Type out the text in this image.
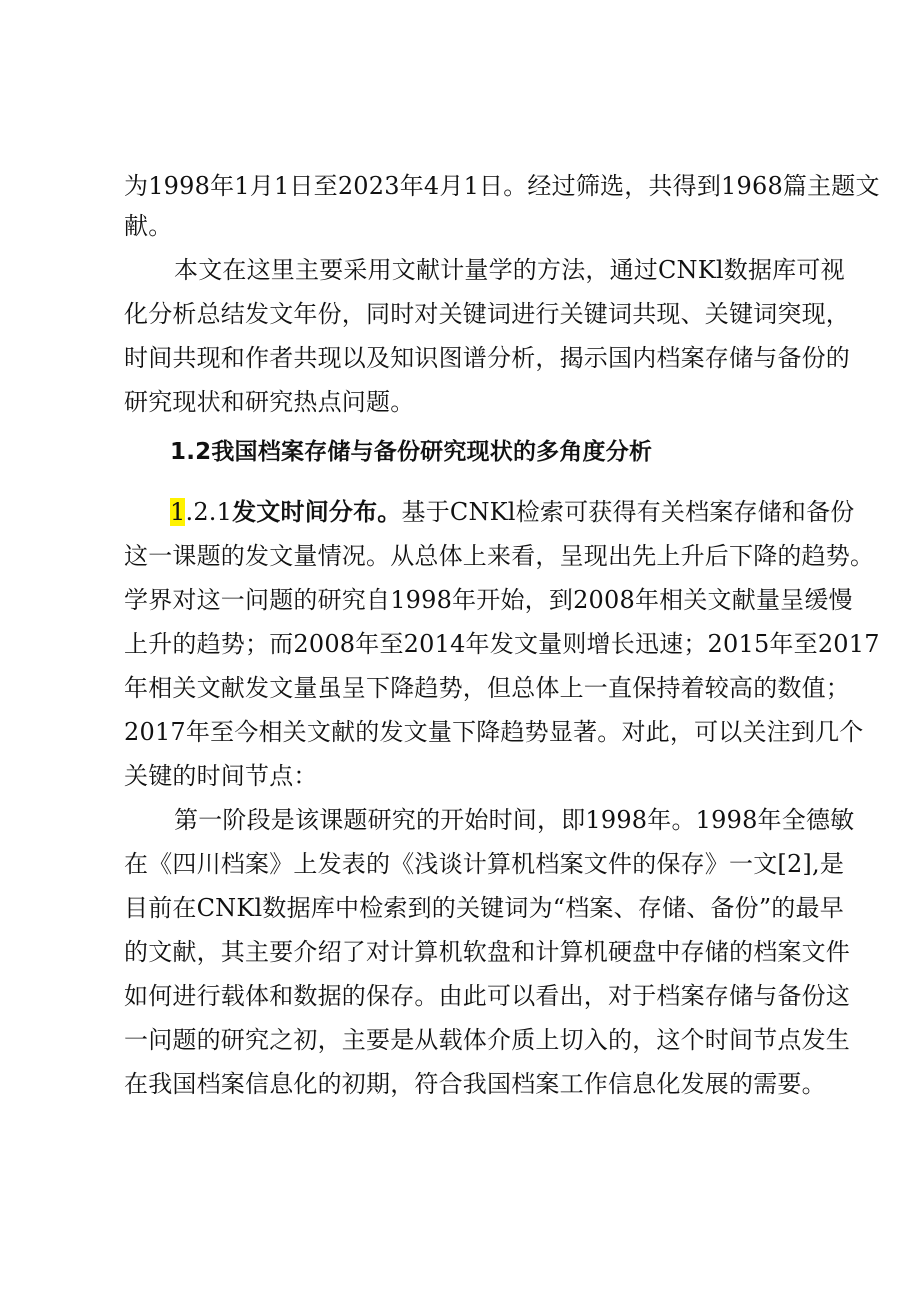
为1998年1月1日至2023年4月1日。经过筛选，共得到1968篇主题文
献。
本文在这里主要采用文献计量学的方法，通过CNKl数据库可视
化分析总结发文年份，同时对关键词进行关键词共现、关键词突现，
时间共现和作者共现以及知识图谱分析，揭示国内档案存储与备份的
研究现状和研究热点问题。
1.2我国档案存储与备份研究现状的多角度分析
1.2.1发文时间分布。基于CNKl检索可获得有关档案存储和备份
这一课题的发文量情况。从总体上来看，呈现出先上升后下降的趋势。
学界对这一问题的研究自1998年开始，到2008年相关文献量呈缓慢
上升的趋势；而2008年至2014年发文量则增长迅速；2015年至2017
年相关文献发文量虽呈下降趋势，但总体上一直保持着较高的数值；
2017年至今相关文献的发文量下降趋势显著。对此，可以关注到几个
关键的时间节点：
第一阶段是该课题研究的开始时间，即1998年。1998年全德敏
在《四川档案》上发表的《浅谈计算机档案文件的保存》一文[2],是
目前在CNKl数据库中检索到的关键词为“档案、存储、备份”的最早
的文献，其主要介绍了对计算机软盘和计算机硬盘中存储的档案文件
如何进行载体和数据的保存。由此可以看出，对于档案存储与备份这
一问题的研究之初，主要是从载体介质上切入的，这个时间节点发生
在我国档案信息化的初期，符合我国档案工作信息化发展的需要。
